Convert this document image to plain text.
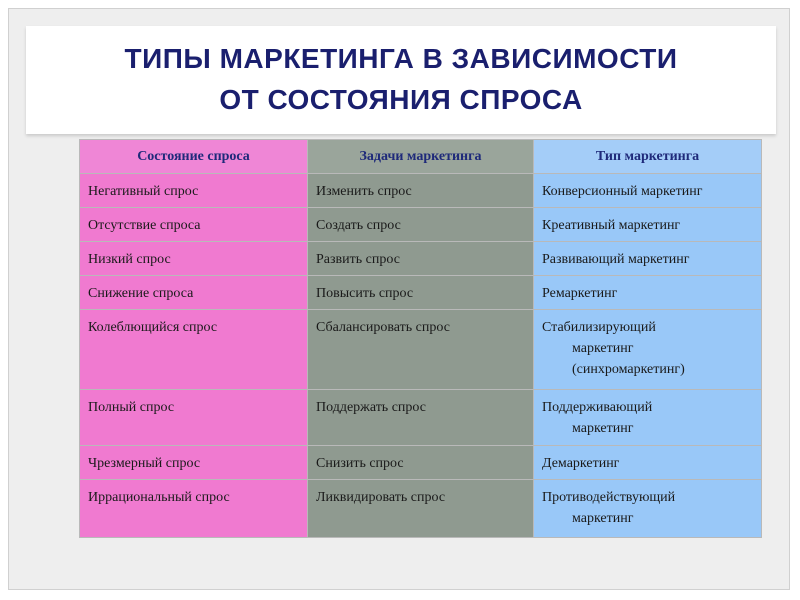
ТИПЫ МАРКЕТИНГА В ЗАВИСИМОСТИ
ОТ СОСТОЯНИЯ СПРОСА
Состояние спроса	Задачи маркетинга	Тип маркетинга
Негативный спрос	Изменить спрос	Конверсионный маркетинг

Отсутствие спроса	Создать спрос	Креативный маркетинг

Низкий спрос	Развить спрос	Развивающий маркетинг

Снижение спроса	Повысить спрос	Ремаркетинг

Колеблющийся спрос	Сбалансировать спрос	Стабилизирующий
маркетинг
(синхромаркетинг)

Полный спрос	Поддержать спрос	Поддерживающий
маркетинг

Чрезмерный спрос	Снизить спрос	Демаркетинг

Иррациональный спрос	Ликвидировать спрос	Противодействующий
маркетинг
